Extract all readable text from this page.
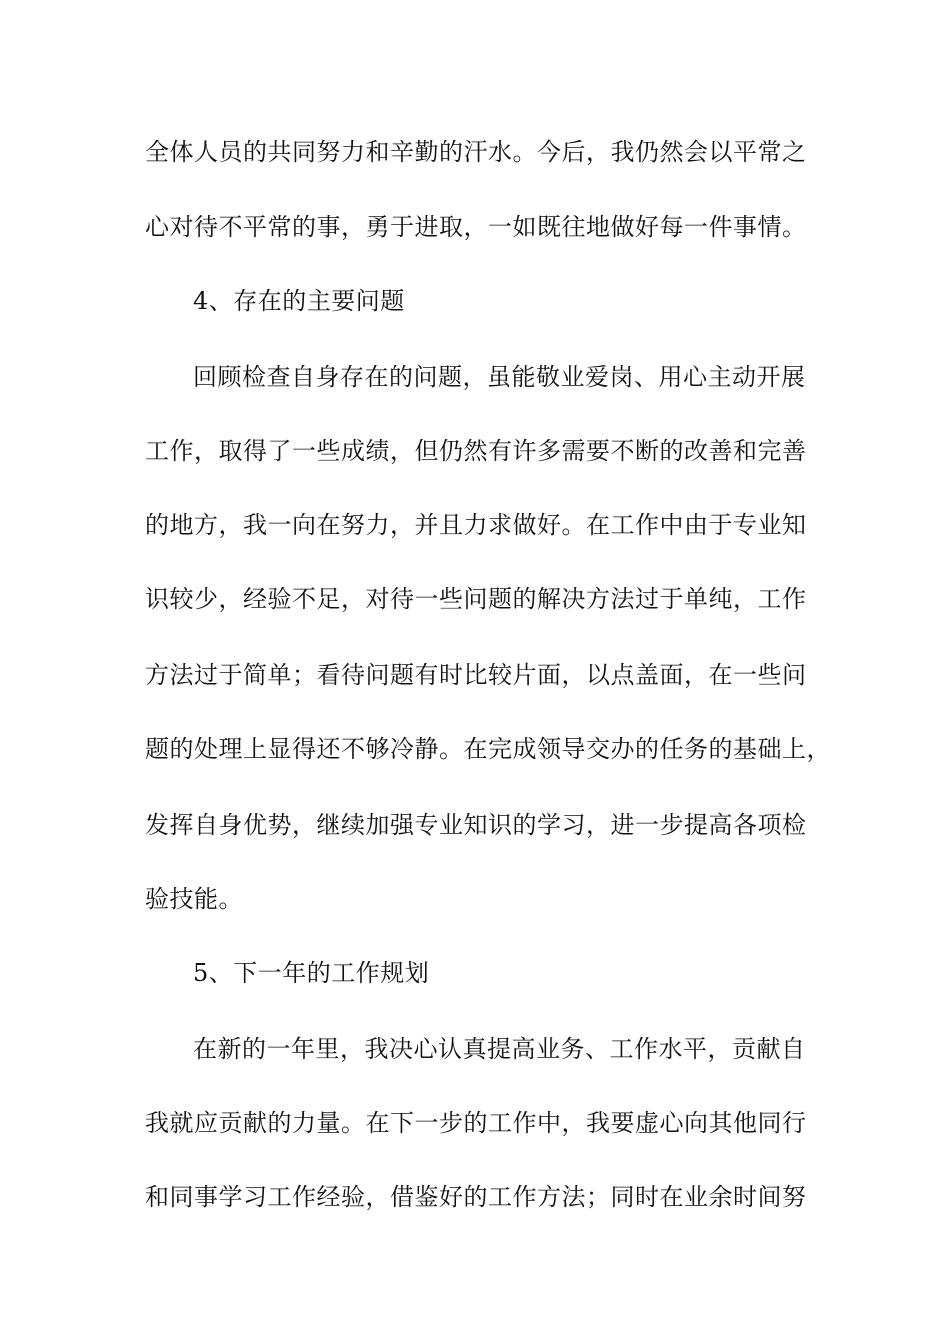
全体人员的共同努力和辛勤的汗水。今后，我仍然会以平常之
心对待不平常的事，勇于进取，一如既往地做好每一件事情。
4、存在的主要问题
回顾检查自身存在的问题，虽能敬业爱岗、用心主动开展
工作，取得了一些成绩，但仍然有许多需要不断的改善和完善
的地方，我一向在努力，并且力求做好。在工作中由于专业知
识较少，经验不足，对待一些问题的解决方法过于单纯，工作
方法过于简单；看待问题有时比较片面，以点盖面，在一些问
题的处理上显得还不够冷静。在完成领导交办的任务的基础上，
发挥自身优势，继续加强专业知识的学习，进一步提高各项检
验技能。
5、下一年的工作规划
在新的一年里，我决心认真提高业务、工作水平，贡献自
我就应贡献的力量。在下一步的工作中，我要虚心向其他同行
和同事学习工作经验，借鉴好的工作方法；同时在业余时间努
